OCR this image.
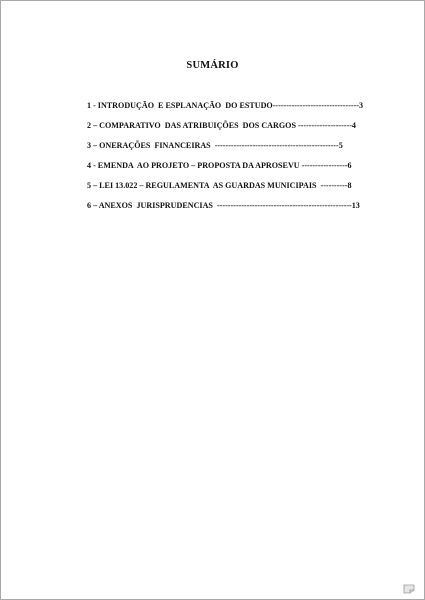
SUMÁRIO
1 - INTRODUÇÃO  E ESPLANAÇÃO  DO ESTUDO--------------------------------3
2 – COMPARATIVO  DAS ATRIBUIÇÕES  DOS CARGOS --------------------4
3 – ONERAÇÕES  FINANCEIRAS  ----------------------------------------------5
4 - EMENDA  AO PROJETO – PROPOSTA DA APROSEVU -----------------6
5 – LEI 13.022 – REGULAMENTA  AS GUARDAS MUNICIPAIS  ----------8
6 – ANEXOS  JURISPRUDENCIAS  --------------------------------------------------13
